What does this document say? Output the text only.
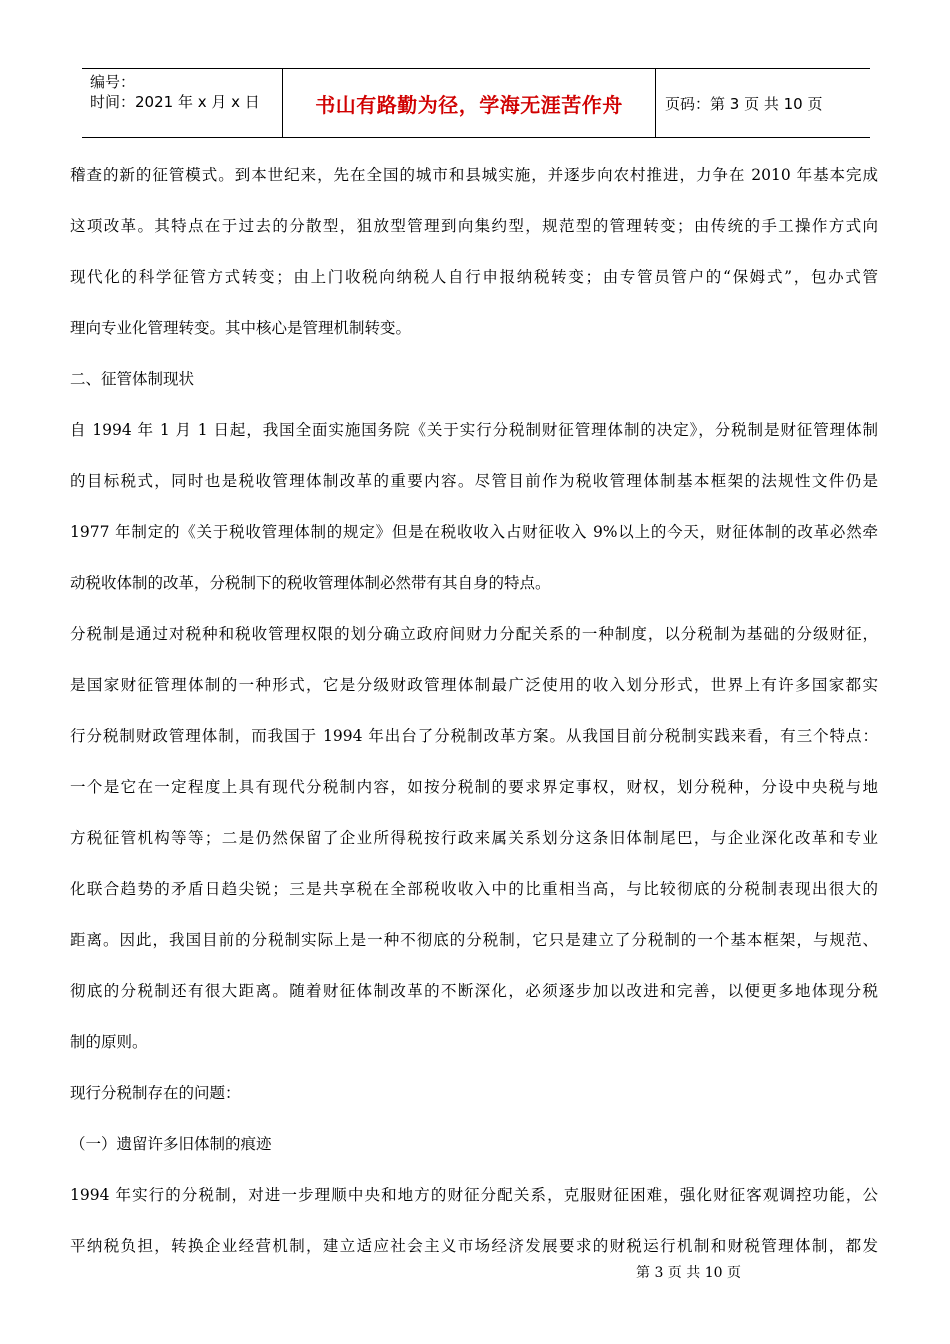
编号：
时间：2021 年 x 月 x 日	书山有路勤为径，学海无涯苦作舟	页码：第 3 页 共 10 页
稽查的新的征管模式。到本世纪来，先在全国的城市和县城实施，并逐步向农村推进，力争在 2010 年基本完成
这项改革。其特点在于过去的分散型，狙放型管理到向集约型，规范型的管理转变；由传统的手工操作方式向
现代化的科学征管方式转变；由上门收税向纳税人自行申报纳税转变；由专管员管户的“保姆式”，包办式管
理向专业化管理转变。其中核心是管理机制转变。
二、征管体制现状
自 1994 年 1 月 1 日起，我国全面实施国务院《关于实行分税制财征管理体制的决定》，分税制是财征管理体制
的目标税式，同时也是税收管理体制改革的重要内容。尽管目前作为税收管理体制基本框架的法规性文件仍是
1977 年制定的《关于税收管理体制的规定》但是在税收收入占财征收入 9%以上的今天，财征体制的改革必然牵
动税收体制的改革，分税制下的税收管理体制必然带有其自身的特点。
分税制是通过对税种和税收管理权限的划分确立政府间财力分配关系的一种制度，以分税制为基础的分级财征，
是国家财征管理体制的一种形式，它是分级财政管理体制最广泛使用的收入划分形式，世界上有许多国家都实
行分税制财政管理体制，而我国于 1994 年出台了分税制改革方案。从我国目前分税制实践来看，有三个特点：
一个是它在一定程度上具有现代分税制内容，如按分税制的要求界定事权，财权，划分税种，分设中央税与地
方税征管机构等等；二是仍然保留了企业所得税按行政来属关系划分这条旧体制尾巴，与企业深化改革和专业
化联合趋势的矛盾日趋尖锐；三是共享税在全部税收收入中的比重相当高，与比较彻底的分税制表现出很大的
距离。因此，我国目前的分税制实际上是一种不彻底的分税制，它只是建立了分税制的一个基本框架，与规范、
彻底的分税制还有很大距离。随着财征体制改革的不断深化，必须逐步加以改进和完善，以便更多地体现分税
制的原则。
现行分税制存在的问题：
（一）遗留许多旧体制的痕迹
1994 年实行的分税制，对进一步理顺中央和地方的财征分配关系，克服财征困难，强化财征客观调控功能，公
平纳税负担，转换企业经营机制，建立适应社会主义市场经济发展要求的财税运行机制和财税管理体制，都发
第 3 页 共 10 页
